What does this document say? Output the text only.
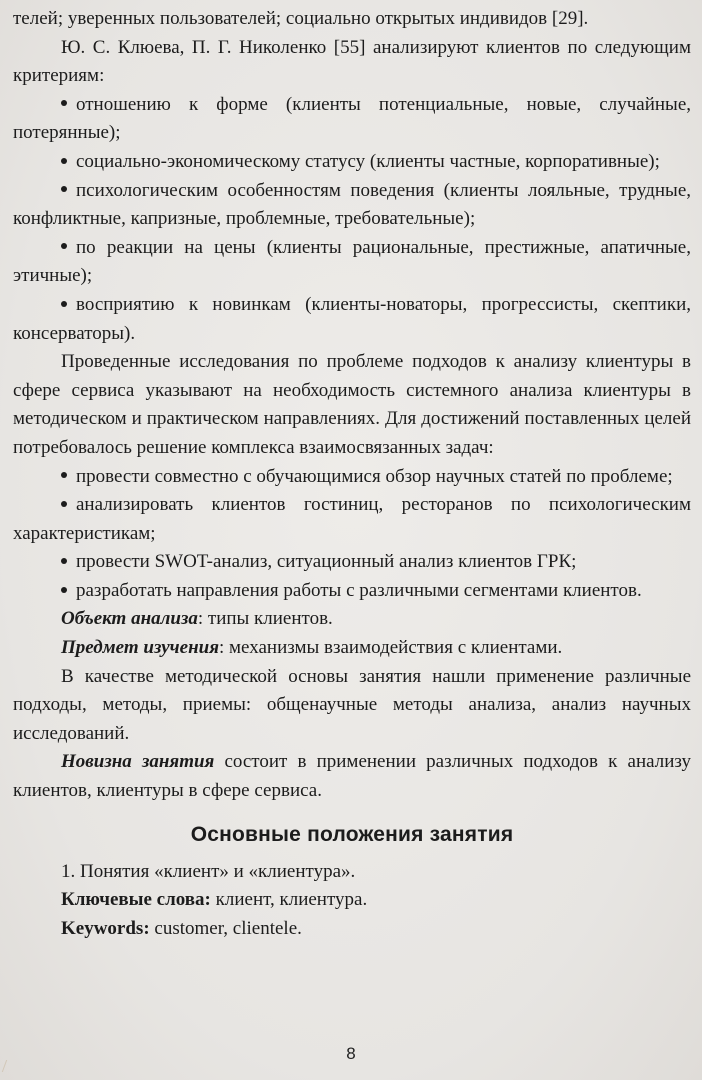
телей; уверенных пользователей; социально открытых индивидов [29].

Ю. С. Клюева, П. Г. Николенко [55] анализируют клиентов по следующим критериям:

отношению к форме (клиенты потенциальные, новые, случайные, потерянные);

социально-экономическому статусу (клиенты частные, корпоративные);

психологическим особенностям поведения (клиенты лояльные, трудные, конфликтные, капризные, проблемные, требовательные);

по реакции на цены (клиенты рациональные, престижные, апатичные, этичные);

восприятию к новинкам (клиенты-новаторы, прогрессисты, скептики, консерваторы).

Проведенные исследования по проблеме подходов к анализу клиентуры в сфере сервиса указывают на необходимость системного анализа клиентуры в методическом и практическом направлениях. Для достижений поставленных целей потребовалось решение комплекса взаимосвязанных задач:

провести совместно с обучающимися обзор научных статей по проблеме;

анализировать клиентов гостиниц, ресторанов по психологическим характеристикам;

провести SWOT-анализ, ситуационный анализ клиентов ГРК;

разработать направления работы с различными сегментами клиентов.

Объект анализа: типы клиентов.

Предмет изучения: механизмы взаимодействия с клиентами.

В качестве методической основы занятия нашли применение различные подходы, методы, приемы: общенаучные методы анализа, анализ научных исследований.

Новизна занятия состоит в применении различных подходов к анализу клиентов, клиентуры в сфере сервиса.

Основные положения занятия

1. Понятия «клиент» и «клиентура».

Ключевые слова: клиент, клиентура.

Keywords: customer, clientele.

8
